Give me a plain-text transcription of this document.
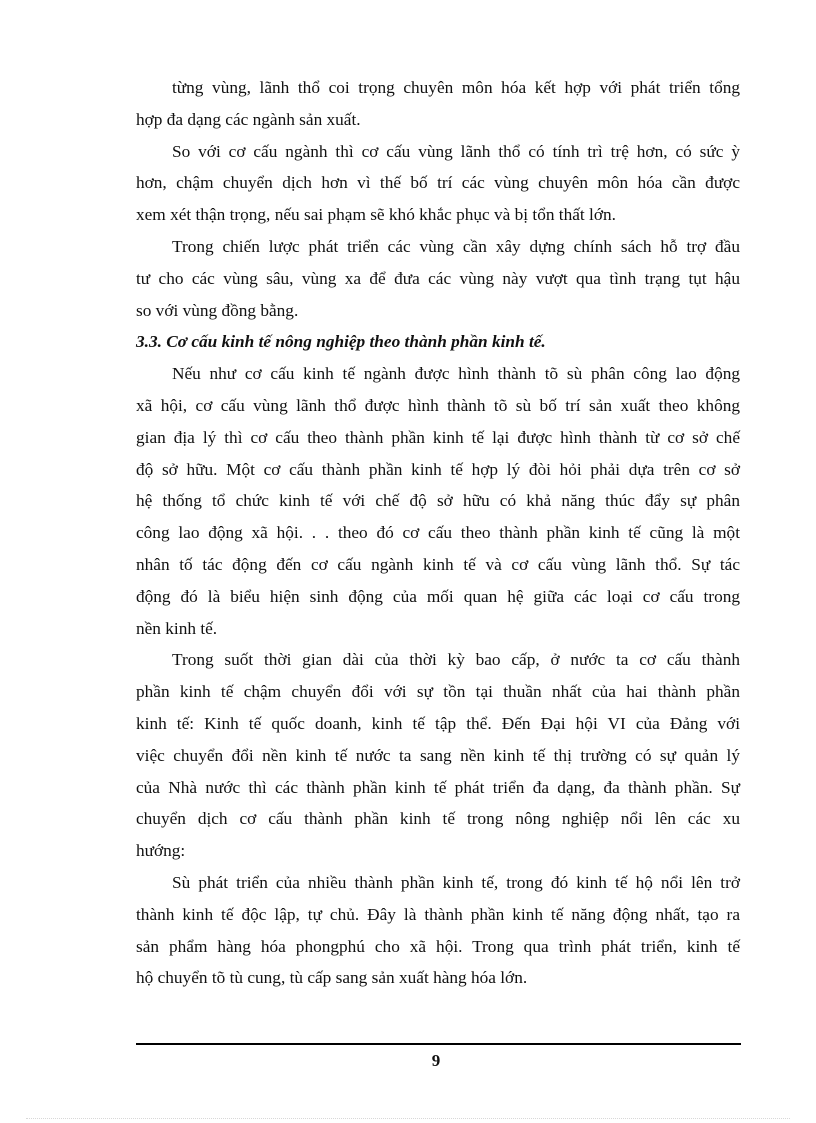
từng vùng, lãnh thổ coi trọng chuyên môn hóa kết hợp với phát triển tổng
hợp đa dạng các ngành sản xuất.
So với cơ cấu ngành thì cơ cấu vùng lãnh thổ có tính trì trệ hơn, có sức ỳ
hơn, chậm chuyển dịch hơn vì thế bố trí các vùng chuyên môn hóa cần được
xem xét thận trọng, nếu sai phạm sẽ khó khắc phục và bị tổn thất lớn.
Trong chiến lược phát triển các vùng cần xây dựng chính sách hỗ trợ đầu
tư cho các vùng sâu, vùng xa để đưa các vùng này vượt qua tình trạng tụt hậu
so với vùng đồng bằng.
3.3. Cơ cấu kinh tế nông nghiệp theo thành phần kinh tế.
Nếu như cơ cấu kinh tế ngành được hình thành tõ sù phân công lao động
xã hội, cơ cấu vùng lãnh thổ được hình thành tõ sù bố trí sản xuất theo không
gian địa lý thì cơ cấu theo thành phần kinh tế lại được hình thành từ cơ sở chế
độ sở hữu. Một cơ cấu thành phần kinh tế hợp lý đòi hỏi phải dựa trên cơ sở
hệ thống tổ chức kinh tế với chế độ sở hữu có khả năng thúc đẩy sự phân
công lao động xã hội. . . theo đó cơ cấu theo thành phần kinh tế cũng là một
nhân tố tác động đến cơ cấu ngành kinh tế và cơ cấu vùng lãnh thổ. Sự tác
động đó là biểu hiện sinh động của mối quan hệ giữa các loại cơ cấu trong
nền kinh tế.
Trong suốt thời gian dài của thời kỳ bao cấp, ở nước ta cơ cấu thành
phần kinh tế chậm chuyển đổi với sự tồn tại thuần nhất của hai thành phần
kinh tế: Kinh tế quốc doanh, kinh tế tập thể. Đến Đại hội VI của Đảng với
việc chuyển đổi nền kinh tế nước ta sang nền kinh tế thị trường có sự quản lý
của Nhà nước thì các thành phần kinh tế phát triển đa dạng, đa thành phần. Sự
chuyển dịch cơ cấu thành phần kinh tế trong nông nghiệp nổi lên các xu
hướng:
Sù phát triển của nhiều thành phần kinh tế, trong đó kinh tế hộ nổi lên trở
thành kinh tế độc lập, tự chủ. Đây là thành phần kinh tế năng động nhất, tạo ra
sản phẩm hàng hóa phongphú cho xã hội. Trong qua trình phát triển, kinh tế
hộ chuyển tõ tù cung, tù cấp sang sản xuất hàng hóa lớn.
9
